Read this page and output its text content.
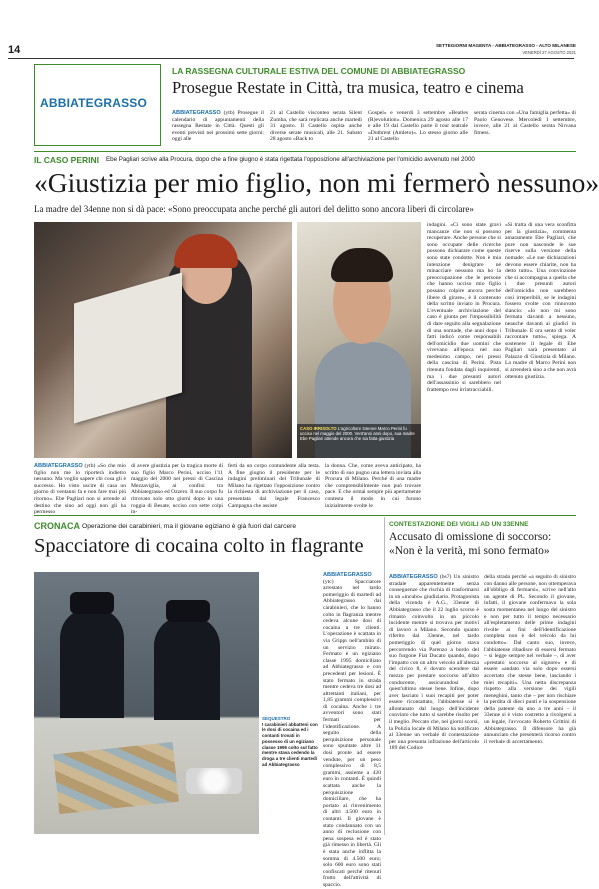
14	SETTEGIORNI MAGENTA - ABBIATEGRASSO - ALTO MILANESE
VENERDÌ 27 AGOSTO 2021
ABBIATEGRASSO
LA RASSEGNA CULTURALE ESTIVA DEL COMUNE DI ABBIATEGRASSO
Prosegue Restate in Città, tra musica, teatro e cinema
ABBIATEGRASSO (ytb) Prosegue il calendario di appuntamenti della rassegna Restate in Città. Questi gli eventi previsti nei prossimi sette giorni: oggi alle
21 al Castello visconteo serata Silent Zumba, che sarà replicata anche martedì 31 agosto. Il Castello ospita anche diverse serate musicali, alle 21. Sabato 28 agosto «Back to
Gospel» e venerdì 3 settembre «Beatles (R)evolution». Domenica 29 agosto alle 17 e alle 19 dal Castello parte il tour teatrale «Dutbrent (Amleto)». Lo stesso giorno alle 21 al Castello
serata cinema con «Una famiglia perfetta» di Paolo Genovese. Mercoledì 1 settembre, invece, alle 21 al Castello serata Nirvana fitness.
IL CASO PERINI Ebe Pagliari scrive alla Procura, dopo che a fine giugno è stata rigettata l'opposizione all'archiviazione per l'omicidio avvenuto nel 2000
«Giustizia per mio figlio, non mi fermerò nessuno»
La madre del 34enne non si dà pace: «Sono preoccupata anche perché gli autori del delitto sono ancora liberi di circolare»
CASO IRRISOLTO L'agricoltore 34enne Marco Perini fu ucciso nel maggio del 2000. Vent'anni anni dopo, sua madre Ebe Pagliari attende ancora che sia fatta giustizia
indagini. «Ci sono state gravi mancanze che non si possono recuperare. Anche persone che si sono occupate delle ricerche possono dichiarare come queste sono state condotte. Non è mia intenzione denigrare né minacciare nessuno ma ho la preoccupazione che le persone che hanno ucciso mio figlio possano colpire ancora perché libere di girare», è il contenuto della scritto inviato in Procura. L'eventuale archiviazione del caso è giunta per l'impossibilità di dare seguito alla segnalazione di una nomade, che anni dopo i fatti indicò come responsabili dell'omicidio due uomini che vivevano all'epoca nel suo medesimo campo, nei pressi della cascina di Perini. Pista ritenuta fondata dagli inquirenti, ma i due presunti autori dell'assassinio si sarebbero nel frattempo resi irrintracciabili.
«Si tratta di una vera sconfitta per la giustizia», commenta amaramente Ebe Pagliari, che pure non nasconde le sue riserve sulla versione della nomade: «Le sue dichiarazioni devono essere chiarite, non ha detto tutto». Una convinzione che si accompagna a quella che i due presunti autori dell'omicidio non sarebbero così irreperibili, se le indagini fossero svolte con rinnovato slancio: «Io non mi sono fermata davanti a nessuno, neanche davanti ai giudici in Tribunale. E ora sento di voler raccontare tutto», spiega. A sostenere il legale di Ebe Pagliari sarà presentato al Palazzo di Giustizia di Milano. La madre di Marco Perini non si arrenderà sino a che non avrà ottenuto giustizia.
ABBIATEGRASSO (ytb) «So che mio figlio non me lo riporterà indietro nessuno. Ma voglio sapere chi cosa gli è successo. Ho visto uscire di casa un giorno di ventanni fa e non fare mai più ritorno». Ebe Pagliari non si arrende al destino che sino ad oggi non gli ha permesso
di avere giustizia per la tragica morte di suo figlio Marco Perini, ucciso l'11 maggio del 2000 nei pressi di Cascina Mezzaviglia, ai confini tra Abbiategrasso ed Ozzero. Il suo corpo fu ritrovato solo otto giorni dopo in una roggia di Besate, ucciso con sette colpi in-
ferti da un corpo contundente alla testa. A fine giugno il presidente per le indagini preliminari del Tribunale di Milano ha rigettato l'opposizione contro la richiesta di archiviazione per il caso, presentata dal legale Francesco Campagna che assiste
la donna. Che, come aveva anticipato, ha scritto di suo pugno una lettera inviata alla Procura di Milano. Perché di una madre che comprensibilmente non può trovare pace. E che ormai sempre più apertamente contesta il modo in cui furono inizialmente svolte le
CRONACA Operazione dei carabinieri, ma il giovane egiziano è già fuori dal carcere
Spacciatore di cocaina colto in flagrante
SEQUESTRO
I carabinieri abbatteni con le dosi di cocaina ed i contanti trovati in possesso di un egiziano classe 1995 colto sul fatto mentre stava cedendo la droga a tre clienti martedì ad Abbiategrasso
ABBIATEGRASSO (ytc) Spacciatore arrestato nel tardo pomeriggio di martedì ad Abbiategrasso dai carabinieri, che lo hanno colto in flagranza mentre cedeva alcune dosi di cocaina a tre clienti. L'operazione è scattata in via Grippi nell'ambito di un servizio mirato. Fermato è un egiziano classe 1995 domiciliato ad Abbiategrasso e con precedenti per lesioni. È stato fermato in strada mentre cedeva tre dosi ad altrettanti italiani, per 1,85 grammi complessivi di cocaina. Anche i tre avventori sono stati fermati per l'identificazione. A seguito della perquisizione personale sono spuntate altre 11 dosi pronte ad essere vendute, per un peso complessivo di 8,5 grammi, assieme a 420 euro in contanti. È quindi scattata anche la perquisizione domiciliare, che ha portato al rinvenimento di altri 4.500 euro in contanti. Il giovane è stato condannato con un anno di reclusione con pena sospesa ed è stato già rimesso in libertà. Gli è stata anche inflitta la somma di 4.500 euro; solo 600 euro sono stati confiscati perché ritenuti frutto dell'attività di spaccio.
CONTESTAZIONE DEI VIGILI AD UN 33ENNE
Accusato di omissione di soccorso: «Non è la verità, mi sono fermato»
ABBIATEGRASSO (bs7) Un sinistro stradale apparentemente senza conseguenze che rischia di trasformarsi in un «incubo» giudiziario. Protagonista della vicenda è A.G., 33enne di Abbiategrasso che il 22 luglio scorso è rimasto coinvolto in un piccolo incidente mentre si trovava per motivi di lavoro a Milano. Secondo quanto riferito dal 33enne, nel tardo pomeriggio di quel giorno stava percorrendo via Parenzo a bordo del suo furgone Fiat Ducato quando, dopo l'impatto con un altro veicolo all'altezza del civico 8, è dovuto scendere dal mezzo per prestare soccorso all'altro conducente, assicurandosi che quest'ultimo stesse bene. Infine, dopo aver lasciato i suoi recapiti per poter essere ricontattato, l'abbiatense si è allontanato dal luogo dell'incidente convinto che tutto si sarebbe risolto per il meglio. Peccato che, nei giorni scorsi, la Polizia locale di Milano ha notificato al 33enne un verbale di contestazione per una presunta infrazione dell'articolo 189 del Codice
della strada perché «a seguito di sinistro con danno alle persone, non ottemperava all'obbligo di fermarsi», scrive nell'atto un agente di PL. Secondo il giovane, infatti, il giovane confermava la sola sosta momentanea nel luogo del sinistro e non per tutto il tempo necessario all'espletamento delle prime indagini rivolte ai fini dell'identificazione completa non è del veicolo da lui condotto». Dal canto suo, invece, l'abbiatense ribadisce di essersi fermato – si legge sempre nel verbale –, di aver «prestato soccorso al signore» e di essere «andato via solo dopo essersi accertato che stesse bene, lasciando i miei recapiti». Una netta discrepanza rispetto alla versione dei vigili meneghini, tanto che – per non rischiare la perdita di dieci punti e la sospensione della patente da uno a tre anni – il 33enne si è visto costretto a rivolgersi a un legale, l'avvocato Roberto Grittini di Abbiategrasso. Il difensore ha già annunciato che presenterà ricorso contro il verbale di accertamento.
